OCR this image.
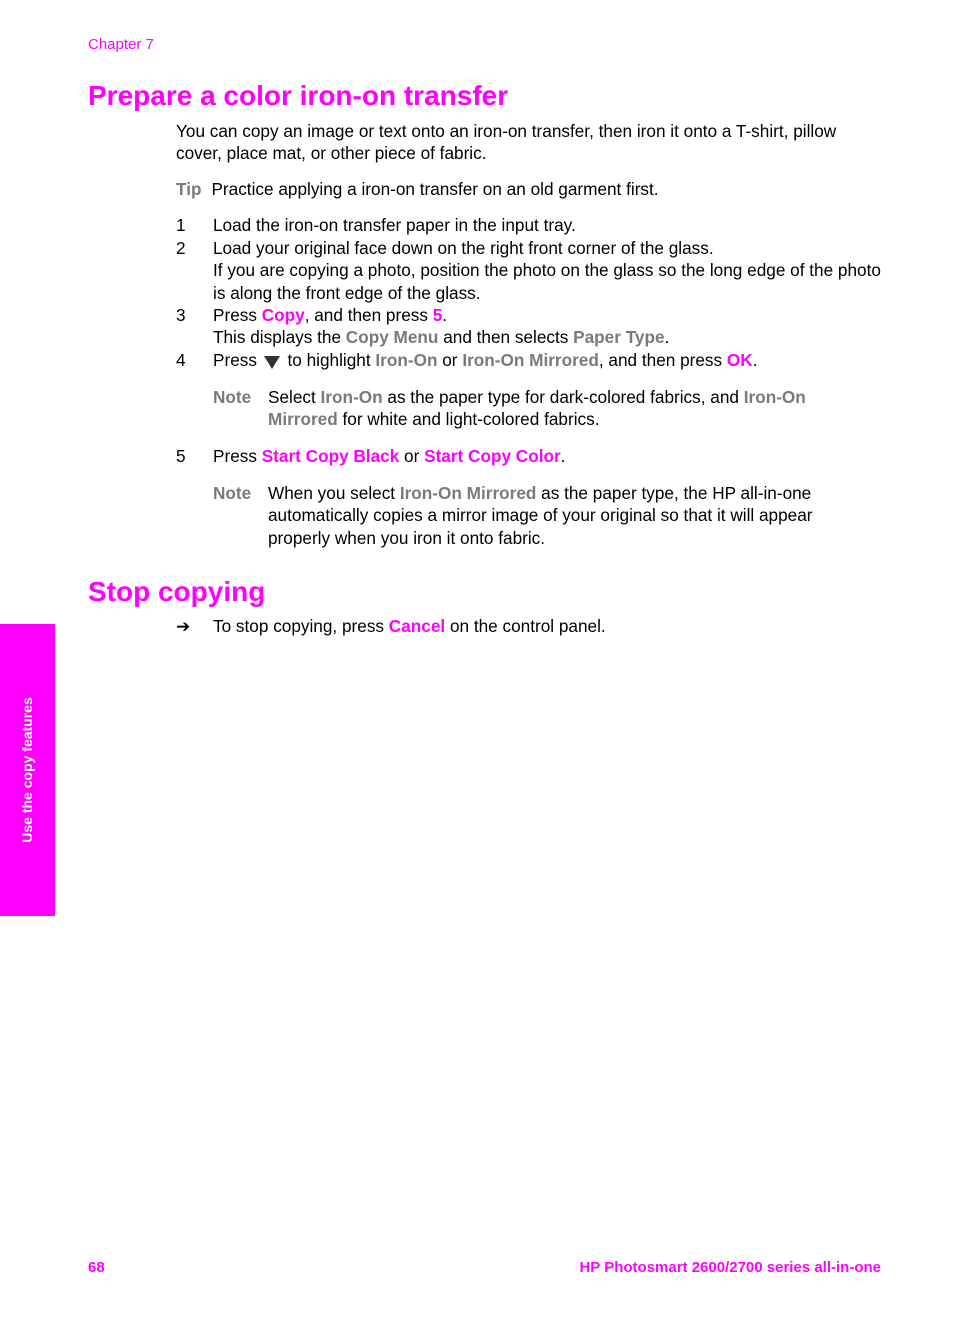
Chapter 7
Prepare a color iron-on transfer

You can copy an image or text onto an iron-on transfer, then iron it onto a T-shirt, pillow cover, place mat, or other piece of fabric.

Tip Practice applying a iron-on transfer on an old garment first.
1	Load the iron-on transfer paper in the input tray.
2	Load your original face down on the right front corner of the glass.
If you are copying a photo, position the photo on the glass so the long edge of the photo is along the front edge of the glass.
3	Press Copy, and then press 5.
This displays the Copy Menu and then selects Paper Type.
4	Press  to highlight Iron-On or Iron-On Mirrored, and then press OK.
Note Select Iron-On as the paper type for dark-colored fabrics, and Iron-On Mirrored for white and light-colored fabrics.
5	Press Start Copy Black or Start Copy Color.
Note When you select Iron-On Mirrored as the paper type, the HP all-in-one automatically copies a mirror image of your original so that it will appear properly when you iron it onto fabric.
Stop copying
➔ To stop copying, press Cancel on the control panel.
Use the copy features
68	HP Photosmart 2600/2700 series all-in-one
